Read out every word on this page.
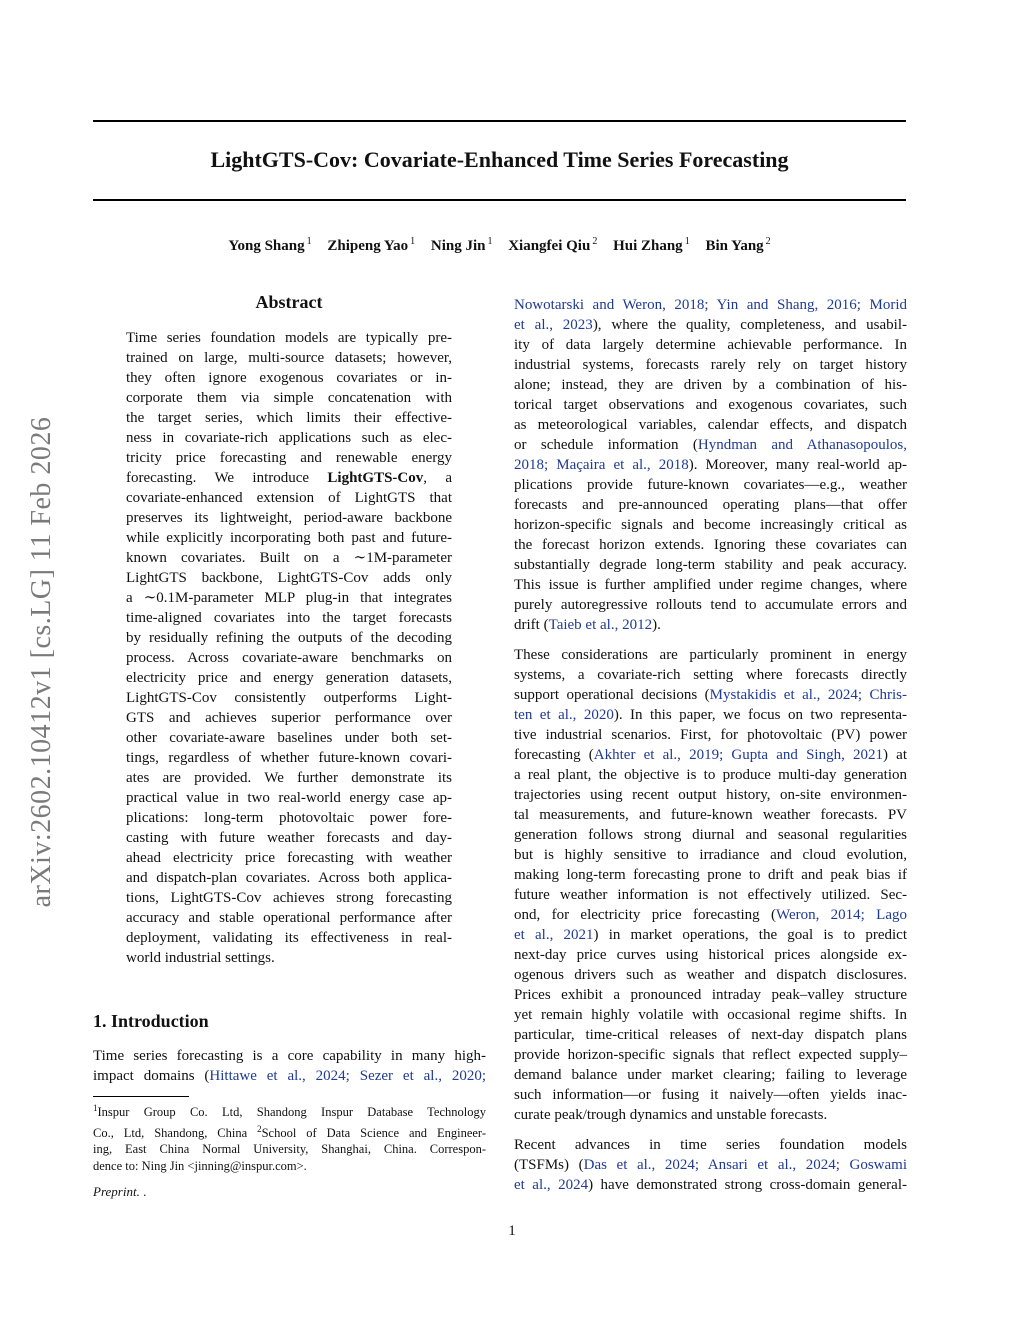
LightGTS-Cov: Covariate-Enhanced Time Series Forecasting
Yong Shang $^1$ Zhipeng Yao $^1$ Ning Jin $^1$ Xiangfei Qiu $^2$ Hui Zhang $^1$ Bin Yang $^2$
arXiv:2602.10412v1 [cs.LG] 11 Feb 2026
Abstract
Time series foundation models are typically pre-
trained on large, multi-source datasets; however,
they often ignore exogenous covariates or in-
corporate them via simple concatenation with
the target series, which limits their effective-
ness in covariate-rich applications such as elec-
tricity price forecasting and renewable energy
forecasting. We introduce LightGTS-Cov, a
covariate-enhanced extension of LightGTS that
preserves its lightweight, period-aware backbone
while explicitly incorporating both past and future-
known covariates. Built on a ∼1M-parameter
LightGTS backbone, LightGTS-Cov adds only
a ∼0.1M-parameter MLP plug-in that integrates
time-aligned covariates into the target forecasts
by residually refining the outputs of the decoding
process. Across covariate-aware benchmarks on
electricity price and energy generation datasets,
LightGTS-Cov consistently outperforms Light-
GTS and achieves superior performance over
other covariate-aware baselines under both set-
tings, regardless of whether future-known covari-
ates are provided. We further demonstrate its
practical value in two real-world energy case ap-
plications: long-term photovoltaic power fore-
casting with future weather forecasts and day-
ahead electricity price forecasting with weather
and dispatch-plan covariates. Across both applica-
tions, LightGTS-Cov achieves strong forecasting
accuracy and stable operational performance after
deployment, validating its effectiveness in real-
world industrial settings.
1. Introduction
Time series forecasting is a core capability in many high-
impact domains (Hittawe et al., 2024; Sezer et al., 2020;
$^1$Inspur Group Co. Ltd, Shandong Inspur Database Technology
Co., Ltd, Shandong, China $^2$School of Data Science and Engineer-
ing, East China Normal University, Shanghai, China. Correspon-
dence to: Ning Jin <jinning@inspur.com>.
Preprint. .
Nowotarski and Weron, 2018; Yin and Shang, 2016; Morid
et al., 2023), where the quality, completeness, and usabil-
ity of data largely determine achievable performance. In
industrial systems, forecasts rarely rely on target history
alone; instead, they are driven by a combination of his-
torical target observations and exogenous covariates, such
as meteorological variables, calendar effects, and dispatch
or schedule information (Hyndman and Athanasopoulos,
2018; Maçaira et al., 2018). Moreover, many real-world ap-
plications provide future-known covariates—e.g., weather
forecasts and pre-announced operating plans—that offer
horizon-specific signals and become increasingly critical as
the forecast horizon extends. Ignoring these covariates can
substantially degrade long-term stability and peak accuracy.
This issue is further amplified under regime changes, where
purely autoregressive rollouts tend to accumulate errors and
drift (Taieb et al., 2012).
These considerations are particularly prominent in energy
systems, a covariate-rich setting where forecasts directly
support operational decisions (Mystakidis et al., 2024; Chris-
ten et al., 2020). In this paper, we focus on two representa-
tive industrial scenarios. First, for photovoltaic (PV) power
forecasting (Akhter et al., 2019; Gupta and Singh, 2021) at
a real plant, the objective is to produce multi-day generation
trajectories using recent output history, on-site environmen-
tal measurements, and future-known weather forecasts. PV
generation follows strong diurnal and seasonal regularities
but is highly sensitive to irradiance and cloud evolution,
making long-term forecasting prone to drift and peak bias if
future weather information is not effectively utilized. Sec-
ond, for electricity price forecasting (Weron, 2014; Lago
et al., 2021) in market operations, the goal is to predict
next-day price curves using historical prices alongside ex-
ogenous drivers such as weather and dispatch disclosures.
Prices exhibit a pronounced intraday peak–valley structure
yet remain highly volatile with occasional regime shifts. In
particular, time-critical releases of next-day dispatch plans
provide horizon-specific signals that reflect expected supply–
demand balance under market clearing; failing to leverage
such information—or fusing it naively—often yields inac-
curate peak/trough dynamics and unstable forecasts.
Recent advances in time series foundation models
(TSFMs) (Das et al., 2024; Ansari et al., 2024; Goswami
et al., 2024) have demonstrated strong cross-domain general-
1
